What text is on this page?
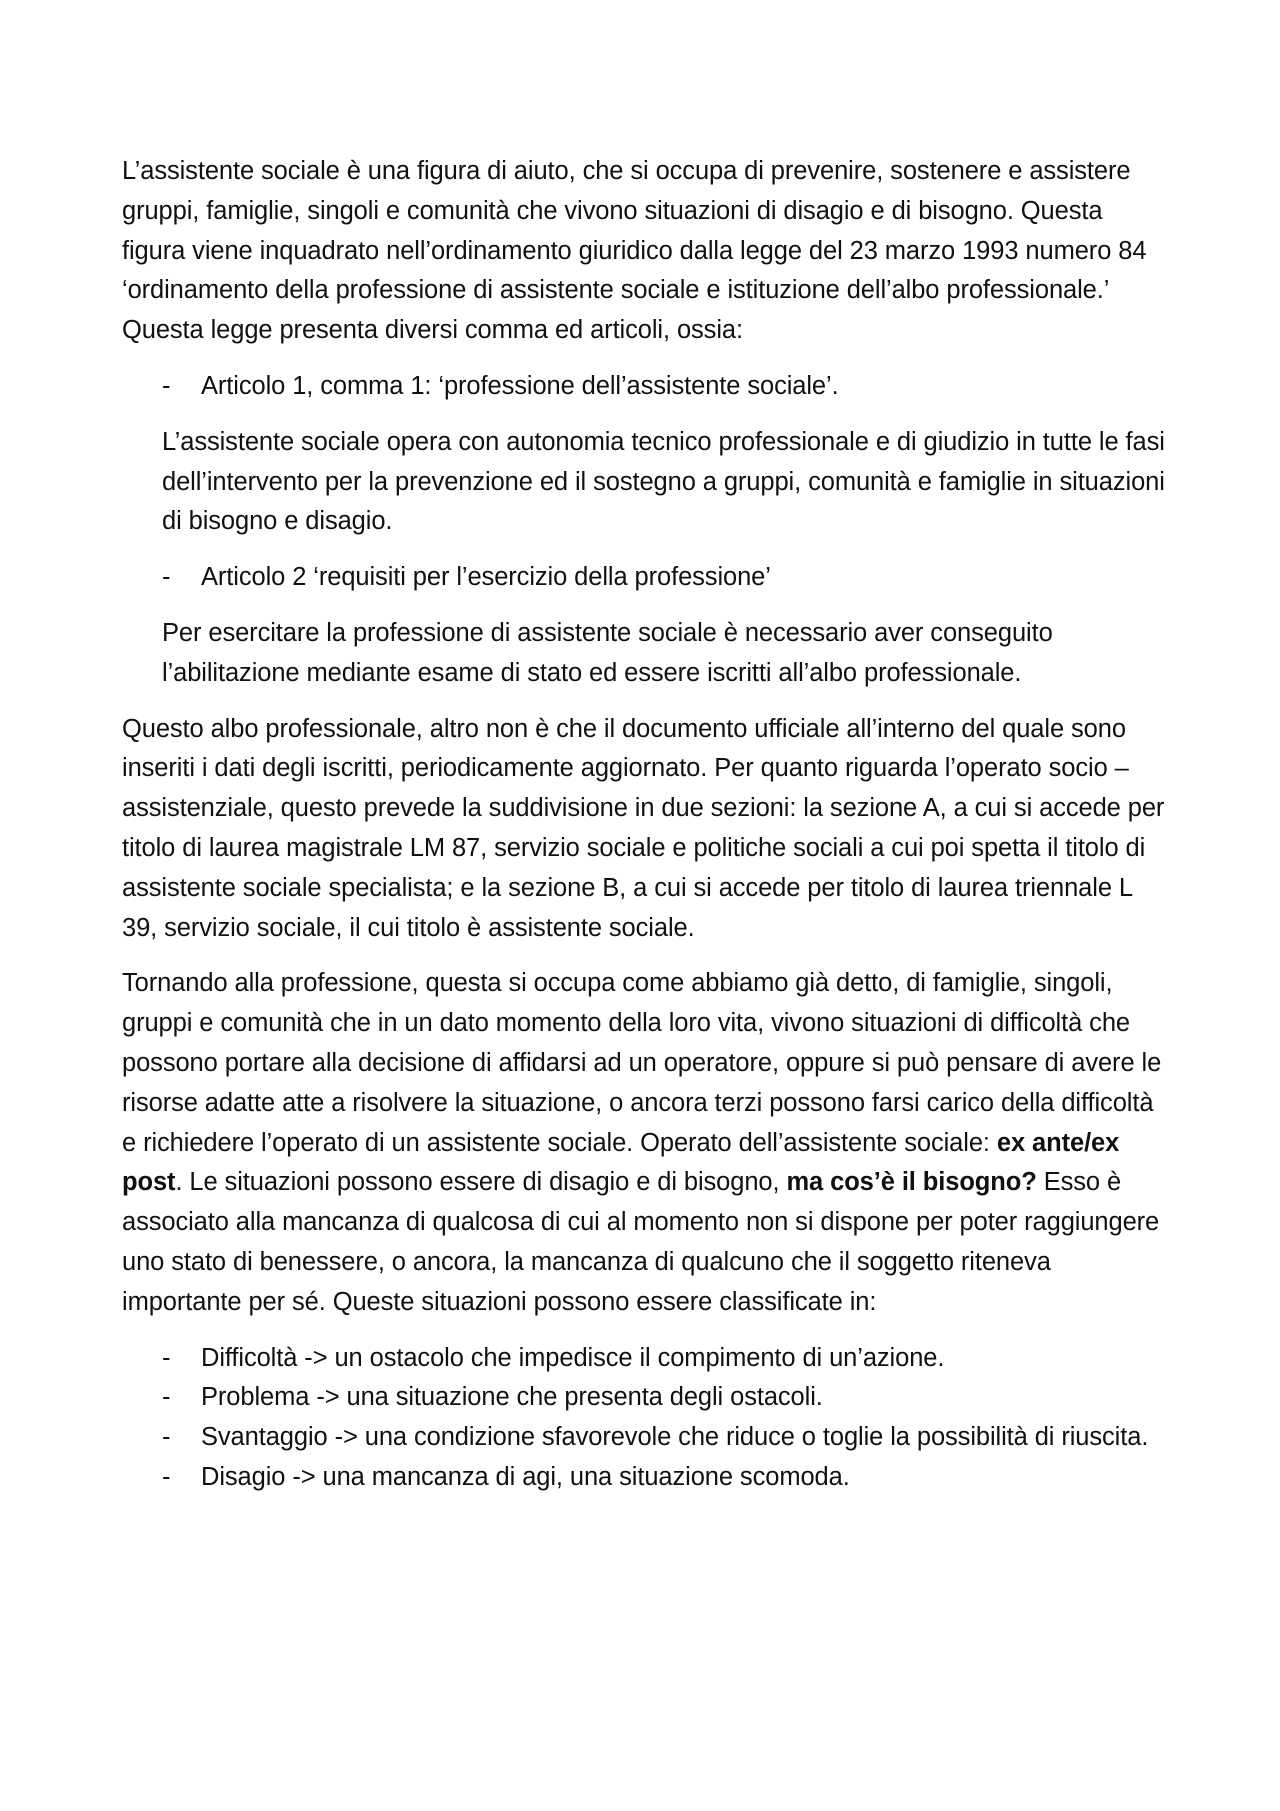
L’assistente sociale è una figura di aiuto, che si occupa di prevenire, sostenere e assistere gruppi, famiglie, singoli e comunità che vivono situazioni di disagio e di bisogno. Questa figura viene inquadrato nell’ordinamento giuridico dalla legge del 23 marzo 1993 numero 84 ‘ordinamento della professione di assistente sociale e istituzione dell’albo professionale.’ Questa legge presenta diversi comma ed articoli, ossia:

- Articolo 1, comma 1: ‘professione dell’assistente sociale’.

L’assistente sociale opera con autonomia tecnico professionale e di giudizio in tutte le fasi dell’intervento per la prevenzione ed il sostegno a gruppi, comunità e famiglie in situazioni di bisogno e disagio.

- Articolo 2 ‘requisiti per l’esercizio della professione’

Per esercitare la professione di assistente sociale è necessario aver conseguito l’abilitazione mediante esame di stato ed essere iscritti all’albo professionale.

Questo albo professionale, altro non è che il documento ufficiale all’interno del quale sono inseriti i dati degli iscritti, periodicamente aggiornato. Per quanto riguarda l’operato socio – assistenziale, questo prevede la suddivisione in due sezioni: la sezione A, a cui si accede per titolo di laurea magistrale LM 87, servizio sociale e politiche sociali a cui poi spetta il titolo di assistente sociale specialista; e la sezione B, a cui si accede per titolo di laurea triennale L 39, servizio sociale, il cui titolo è assistente sociale.

Tornando alla professione, questa si occupa come abbiamo già detto, di famiglie, singoli, gruppi e comunità che in un dato momento della loro vita, vivono situazioni di difficoltà che possono portare alla decisione di affidarsi ad un operatore, oppure si può pensare di avere le risorse adatte atte a risolvere la situazione, o ancora terzi possono farsi carico della difficoltà e richiedere l’operato di un assistente sociale. Operato dell’assistente sociale: ex ante/ex post. Le situazioni possono essere di disagio e di bisogno, ma cos’è il bisogno? Esso è associato alla mancanza di qualcosa di cui al momento non si dispone per poter raggiungere uno stato di benessere, o ancora, la mancanza di qualcuno che il soggetto riteneva importante per sé. Queste situazioni possono essere classificate in:

- Difficoltà -> un ostacolo che impedisce il compimento di un’azione.
- Problema -> una situazione che presenta degli ostacoli.
- Svantaggio -> una condizione sfavorevole che riduce o toglie la possibilità di riuscita.
- Disagio -> una mancanza di agi, una situazione scomoda.
